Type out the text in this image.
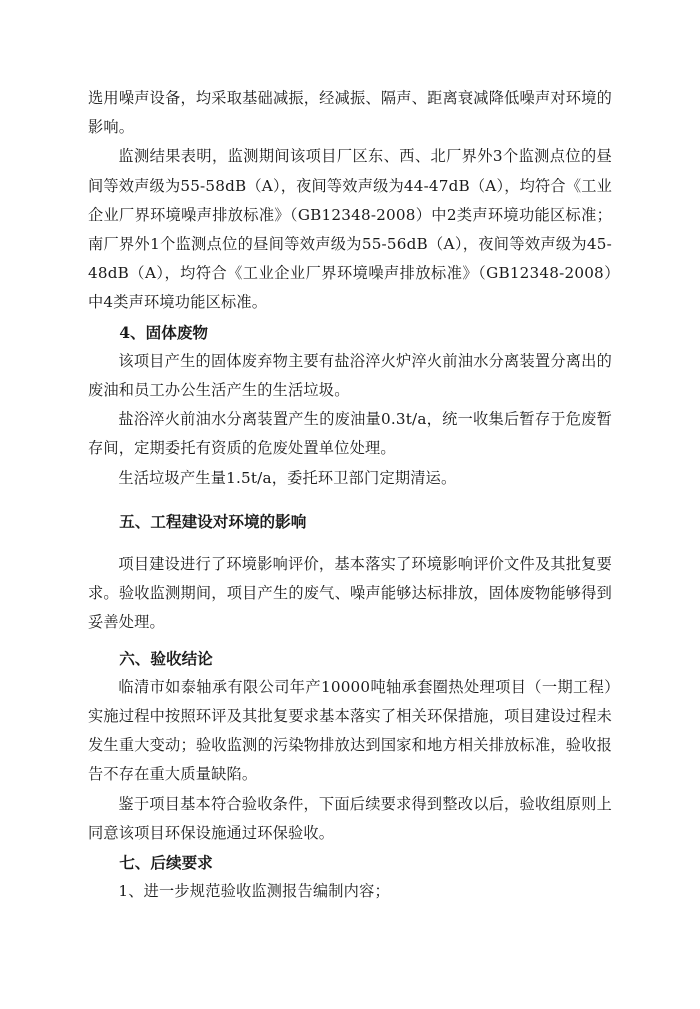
选用噪声设备，均采取基础减振，经减振、隔声、距离衰减降低噪声对环境的影响。

监测结果表明，监测期间该项目厂区东、西、北厂界外3个监测点位的昼间等效声级为55-58dB（A），夜间等效声级为44-47dB（A），均符合《工业企业厂界环境噪声排放标准》（GB12348-2008）中2类声环境功能区标准；南厂界外1个监测点位的昼间等效声级为55-56dB（A），夜间等效声级为45-48dB（A），均符合《工业企业厂界环境噪声排放标准》（GB12348-2008）中4类声环境功能区标准。

4、固体废物

该项目产生的固体废弃物主要有盐浴淬火炉淬火前油水分离装置分离出的废油和员工办公生活产生的生活垃圾。

盐浴淬火前油水分离装置产生的废油量0.3t/a，统一收集后暂存于危废暂存间，定期委托有资质的危废处置单位处理。

生活垃圾产生量1.5t/a，委托环卫部门定期清运。

五、工程建设对环境的影响

项目建设进行了环境影响评价，基本落实了环境影响评价文件及其批复要求。验收监测期间，项目产生的废气、噪声能够达标排放，固体废物能够得到妥善处理。

六、验收结论

临清市如泰轴承有限公司年产10000吨轴承套圈热处理项目（一期工程）实施过程中按照环评及其批复要求基本落实了相关环保措施，项目建设过程未发生重大变动；验收监测的污染物排放达到国家和地方相关排放标准，验收报告不存在重大质量缺陷。

鉴于项目基本符合验收条件，下面后续要求得到整改以后，验收组原则上同意该项目环保设施通过环保验收。

七、后续要求

1、进一步规范验收监测报告编制内容；
